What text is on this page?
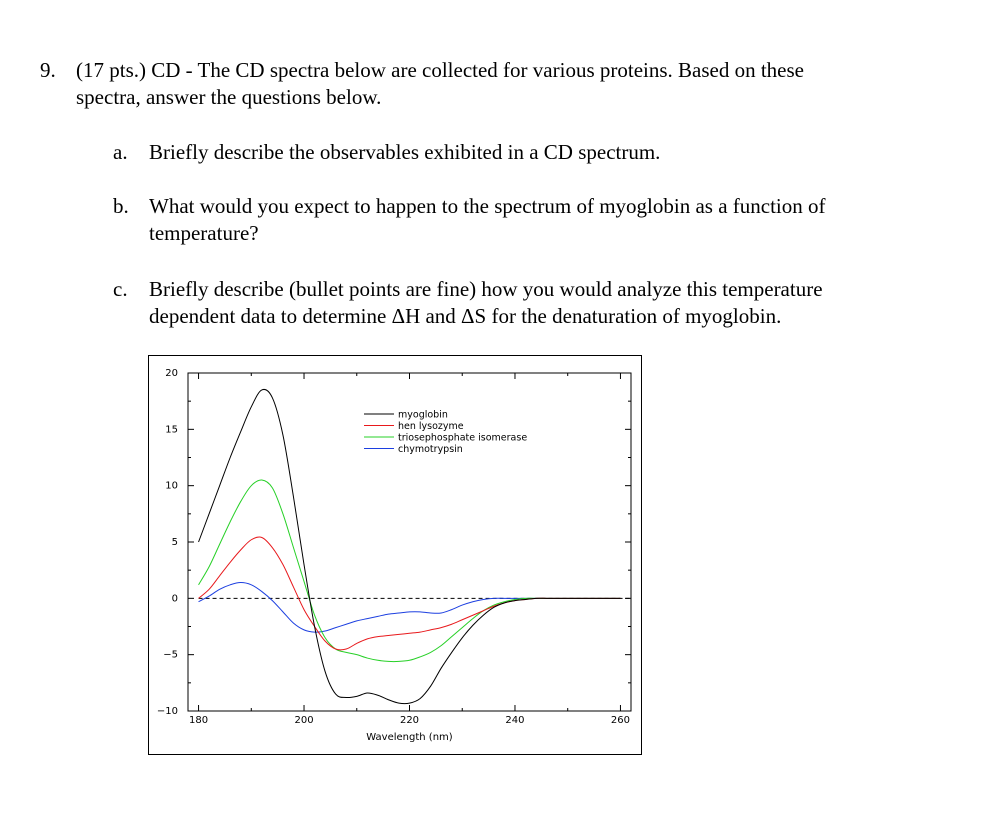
9. (17 pts.) CD - The CD spectra below are collected for various proteins. Based on these
spectra, answer the questions below.
a. Briefly describe the observables exhibited in a CD spectrum.
b. What would you expect to happen to the spectrum of myoglobin as a function of
temperature?
c. Briefly describe (bullet points are fine) how you would analyze this temperature
dependent data to determine ΔH and ΔS for the denaturation of myoglobin.
180	200	220	240	260
20
15
10
5
0
−5
−10
myoglobin
hen lysozyme
triosephosphate isomerase
chymotrypsin
Wavelength (nm)
